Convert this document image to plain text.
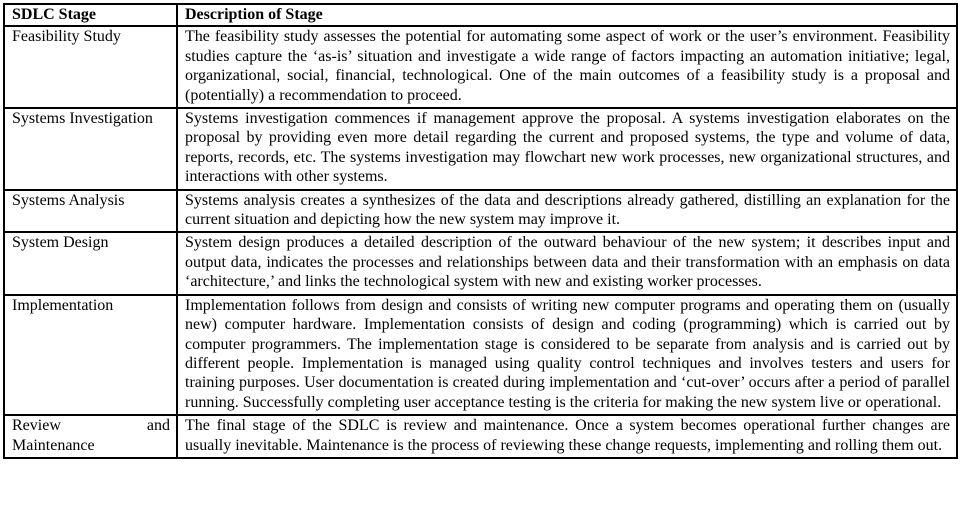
SDLC Stage	Description of Stage
Feasibility Study	The feasibility study assesses the potential for automating some aspect of work or the user’s environment. Feasibility studies capture the ‘as-is’ situation and investigate a wide range of factors impacting an automation initiative; legal, organizational, social, financial, technological. One of the main outcomes of a feasibility study is a proposal and (potentially) a recommendation to proceed.
Systems Investigation	Systems investigation commences if management approve the proposal. A systems investigation elaborates on the proposal by providing even more detail regarding the current and proposed systems, the type and volume of data, reports, records, etc. The systems investigation may flowchart new work processes, new organizational structures, and interactions with other systems.
Systems Analysis	Systems analysis creates a synthesizes of the data and descriptions already gathered, distilling an explanation for the current situation and depicting how the new system may improve it.
System Design	System design produces a detailed description of the outward behaviour of the new system; it describes input and output data, indicates the processes and relationships between data and their transformation with an emphasis on data ‘architecture,’ and links the technological system with new and existing worker processes.
Implementation	Implementation follows from design and consists of writing new computer programs and operating them on (usually new) computer hardware. Implementation consists of design and coding (programming) which is carried out by computer programmers. The implementation stage is considered to be separate from analysis and is carried out by different people. Implementation is managed using quality control techniques and involves testers and users for training purposes. User documentation is created during implementation and ‘cut-over’ occurs after a period of parallel running. Successfully completing user acceptance testing is the criteria for making the new system live or operational.
Review and Maintenance	The final stage of the SDLC is review and maintenance. Once a system becomes operational further changes are usually inevitable. Maintenance is the process of reviewing these change requests, implementing and rolling them out.
